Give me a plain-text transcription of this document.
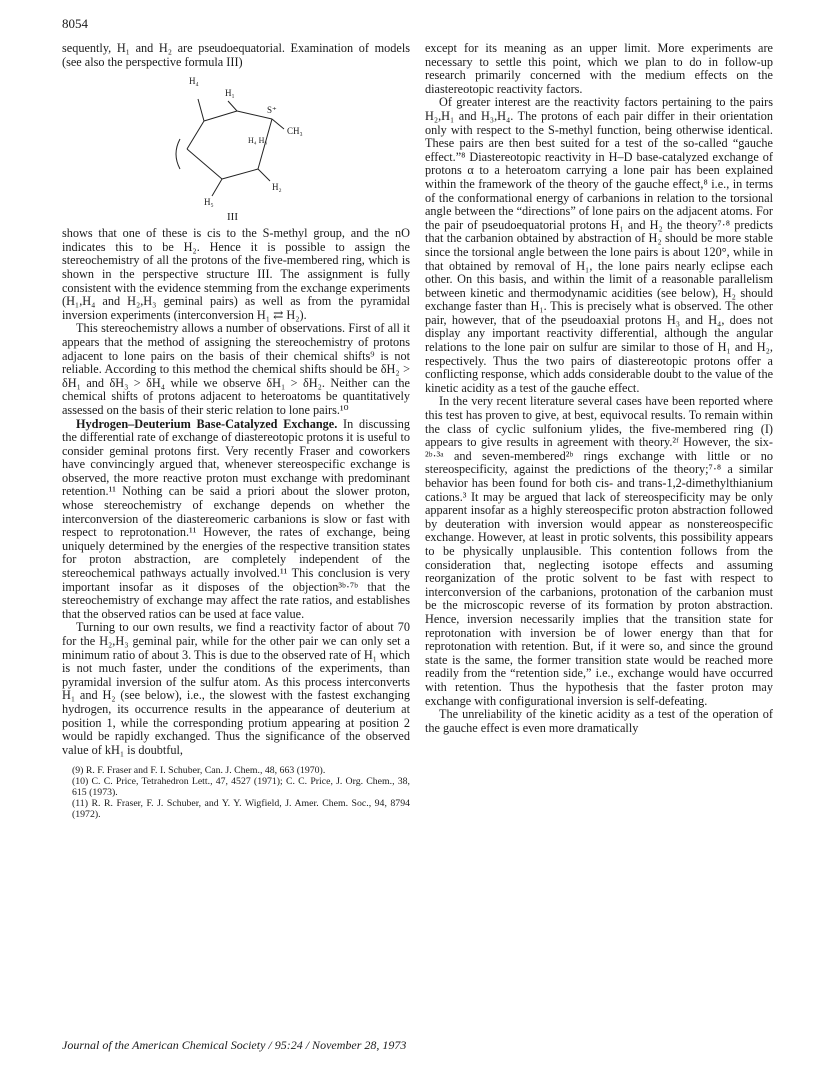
8054

sequently, H₁ and H₂ are pseudoequatorial. Examination of models (see also the perspective formula III)

H₄ H₃
H₄
H₁
S⁺
CH₃
H₂
H₅
III

shows that one of these is cis to the S-methyl group, and the nO indicates this to be H₂. Hence it is possible to assign the stereochemistry of all the protons of the five-membered ring, which is shown in the perspective structure III. The assignment is fully consistent with the evidence stemming from the exchange experiments (H₁,H₄ and H₂,H₃ geminal pairs) as well as from the pyramidal inversion experiments (interconversion H₁ ⇄ H₂).

This stereochemistry allows a number of observations. First of all it appears that the method of assigning the stereochemistry of protons adjacent to lone pairs on the basis of their chemical shifts⁹ is not reliable. According to this method the chemical shifts should be δH₂ > δH₁ and δH₃ > δH₄ while we observe δH₁ > δH₂. Neither can the chemical shifts of protons adjacent to heteroatoms be quantitatively assessed on the basis of their steric relation to lone pairs.¹⁰

Hydrogen–Deuterium Base-Catalyzed Exchange. In discussing the differential rate of exchange of diastereotopic protons it is useful to consider geminal protons first. Very recently Fraser and coworkers have convincingly argued that, whenever stereospecific exchange is observed, the more reactive proton must exchange with predominant retention.¹¹ Nothing can be said a priori about the slower proton, whose stereochemistry of exchange depends on whether the interconversion of the diastereomeric carbanions is slow or fast with respect to reprotonation.¹¹ However, the rates of exchange, being uniquely determined by the energies of the respective transition states for proton abstraction, are completely independent of the stereochemical pathways actually involved.¹¹ This conclusion is very important insofar as it disposes of the objection³ᵇ·⁷ᵇ that the stereochemistry of exchange may affect the rate ratios, and establishes that the observed ratios can be used at face value.

Turning to our own results, we find a reactivity factor of about 70 for the H₂,H₃ geminal pair, while for the other pair we can only set a minimum ratio of about 3. This is due to the observed rate of H₁ which is not much faster, under the conditions of the experiments, than pyramidal inversion of the sulfur atom. As this process interconverts H₁ and H₂ (see below), i.e., the slowest with the fastest exchanging hydrogen, its occurrence results in the appearance of deuterium at position 1, while the corresponding protium appearing at position 2 would be rapidly exchanged. Thus the significance of the observed value of kH₁ is doubtful,

(9) R. F. Fraser and F. I. Schuber, Can. J. Chem., 48, 663 (1970).

(10) C. C. Price, Tetrahedron Lett., 47, 4527 (1971); C. C. Price, J. Org. Chem., 38, 615 (1973).

(11) R. R. Fraser, F. J. Schuber, and Y. Y. Wigfield, J. Amer. Chem. Soc., 94, 8794 (1972).

except for its meaning as an upper limit. More experiments are necessary to settle this point, which we plan to do in follow-up research primarily concerned with the medium effects on the diastereotopic reactivity factors.

Of greater interest are the reactivity factors pertaining to the pairs H₂,H₁ and H₃,H₄. The protons of each pair differ in their orientation only with respect to the S-methyl function, being otherwise identical. These pairs are then best suited for a test of the so-called “gauche effect.”⁸ Diastereotopic reactivity in H–D base-catalyzed exchange of protons α to a heteroatom carrying a lone pair has been explained within the framework of the theory of the gauche effect,⁸ i.e., in terms of the conformational energy of carbanions in relation to the torsional angle between the “directions” of lone pairs on the adjacent atoms. For the pair of pseudoequatorial protons H₁ and H₂ the theory⁷·⁸ predicts that the carbanion obtained by abstraction of H₂ should be more stable since the torsional angle between the lone pairs is about 120°, while in that obtained by removal of H₁, the lone pairs nearly eclipse each other. On this basis, and within the limit of a reasonable parallelism between kinetic and thermodynamic acidities (see below), H₂ should exchange faster than H₁. This is precisely what is observed. The other pair, however, that of the pseudoaxial protons H₃ and H₄, does not display any important reactivity differential, although the angular relations to the lone pair on sulfur are similar to those of H₁ and H₂, respectively. Thus the two pairs of diastereotopic protons offer a conflicting response, which adds considerable doubt to the value of the kinetic acidity as a test of the gauche effect.

In the very recent literature several cases have been reported where this test has proven to give, at best, equivocal results. To remain within the class of cyclic sulfonium ylides, the five-membered ring (I) appears to give results in agreement with theory.²ᶠ However, the six-²ᵇ·³ᵃ and seven-membered²ᵇ rings exchange with little or no stereospecificity, against the predictions of the theory;⁷·⁸ a similar behavior has been found for both cis- and trans-1,2-dimethylthianium cations.³ It may be argued that lack of stereospecificity may be only apparent insofar as a highly stereospecific proton abstraction followed by deuteration with inversion would appear as nonstereospecific exchange. However, at least in protic solvents, this possibility appears to be physically unplausible. This contention follows from the consideration that, neglecting isotope effects and assuming reorganization of the protic solvent to be fast with respect to interconversion of the carbanions, protonation of the carbanion must be the microscopic reverse of its formation by proton abstraction. Hence, inversion necessarily implies that the transition state for reprotonation with inversion be of lower energy than that for reprotonation with retention. But, if it were so, and since the ground state is the same, the former transition state would be reached more readily from the “retention side,” i.e., exchange would have occurred with retention. Thus the hypothesis that the faster proton may exchange with configurational inversion is self-defeating.

The unreliability of the kinetic acidity as a test of the operation of the gauche effect is even more dramatically

Journal of the American Chemical Society / 95:24 / November 28, 1973
